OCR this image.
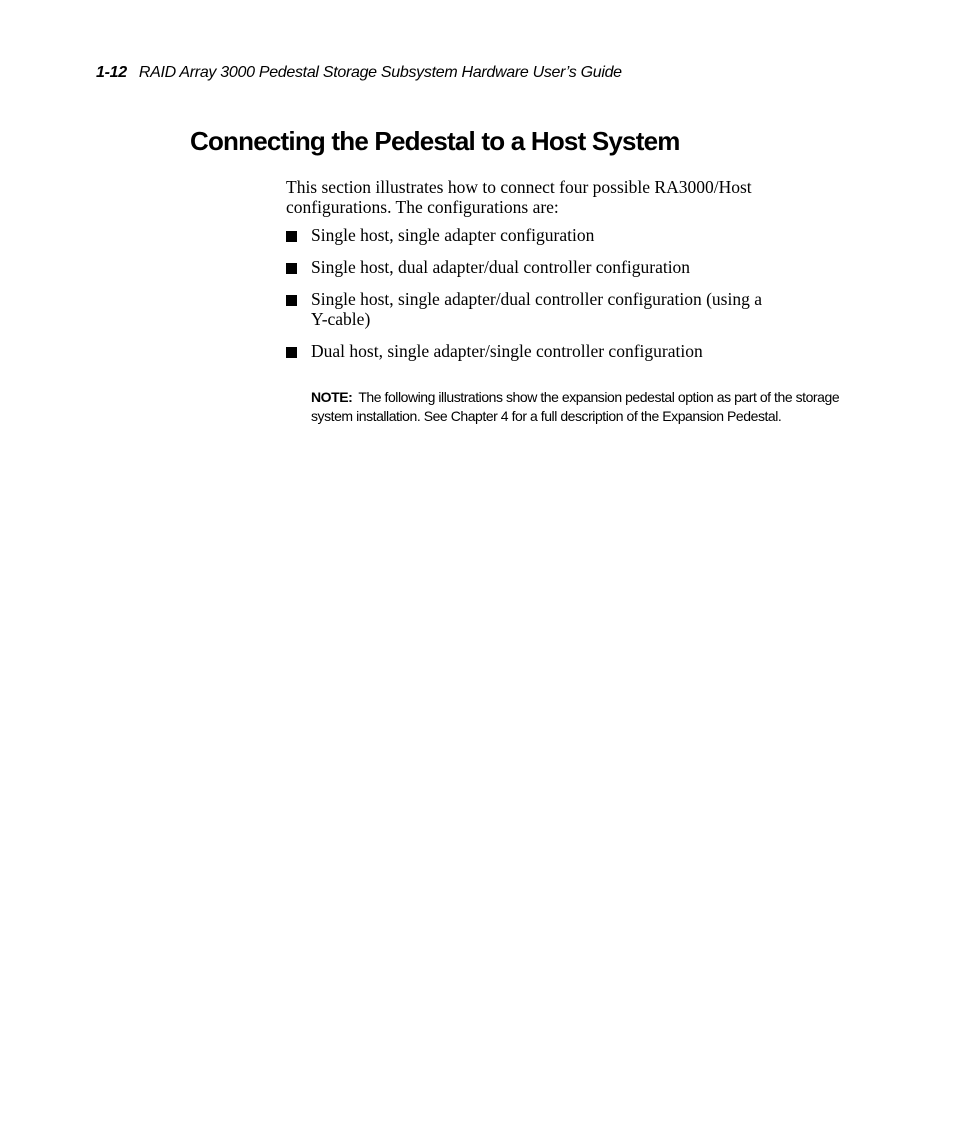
1-12 RAID Array 3000 Pedestal Storage Subsystem Hardware User’s Guide
Connecting the Pedestal to a Host System

This section illustrates how to connect four possible RA3000/Host configurations. The configurations are:

Single host, single adapter configuration
Single host, dual adapter/dual controller configuration
Single host, single adapter/dual controller configuration (using a Y-cable)
Dual host, single adapter/single controller configuration
NOTE: The following illustrations show the expansion pedestal option as part of the storage system installation. See Chapter 4 for a full description of the Expansion Pedestal.
